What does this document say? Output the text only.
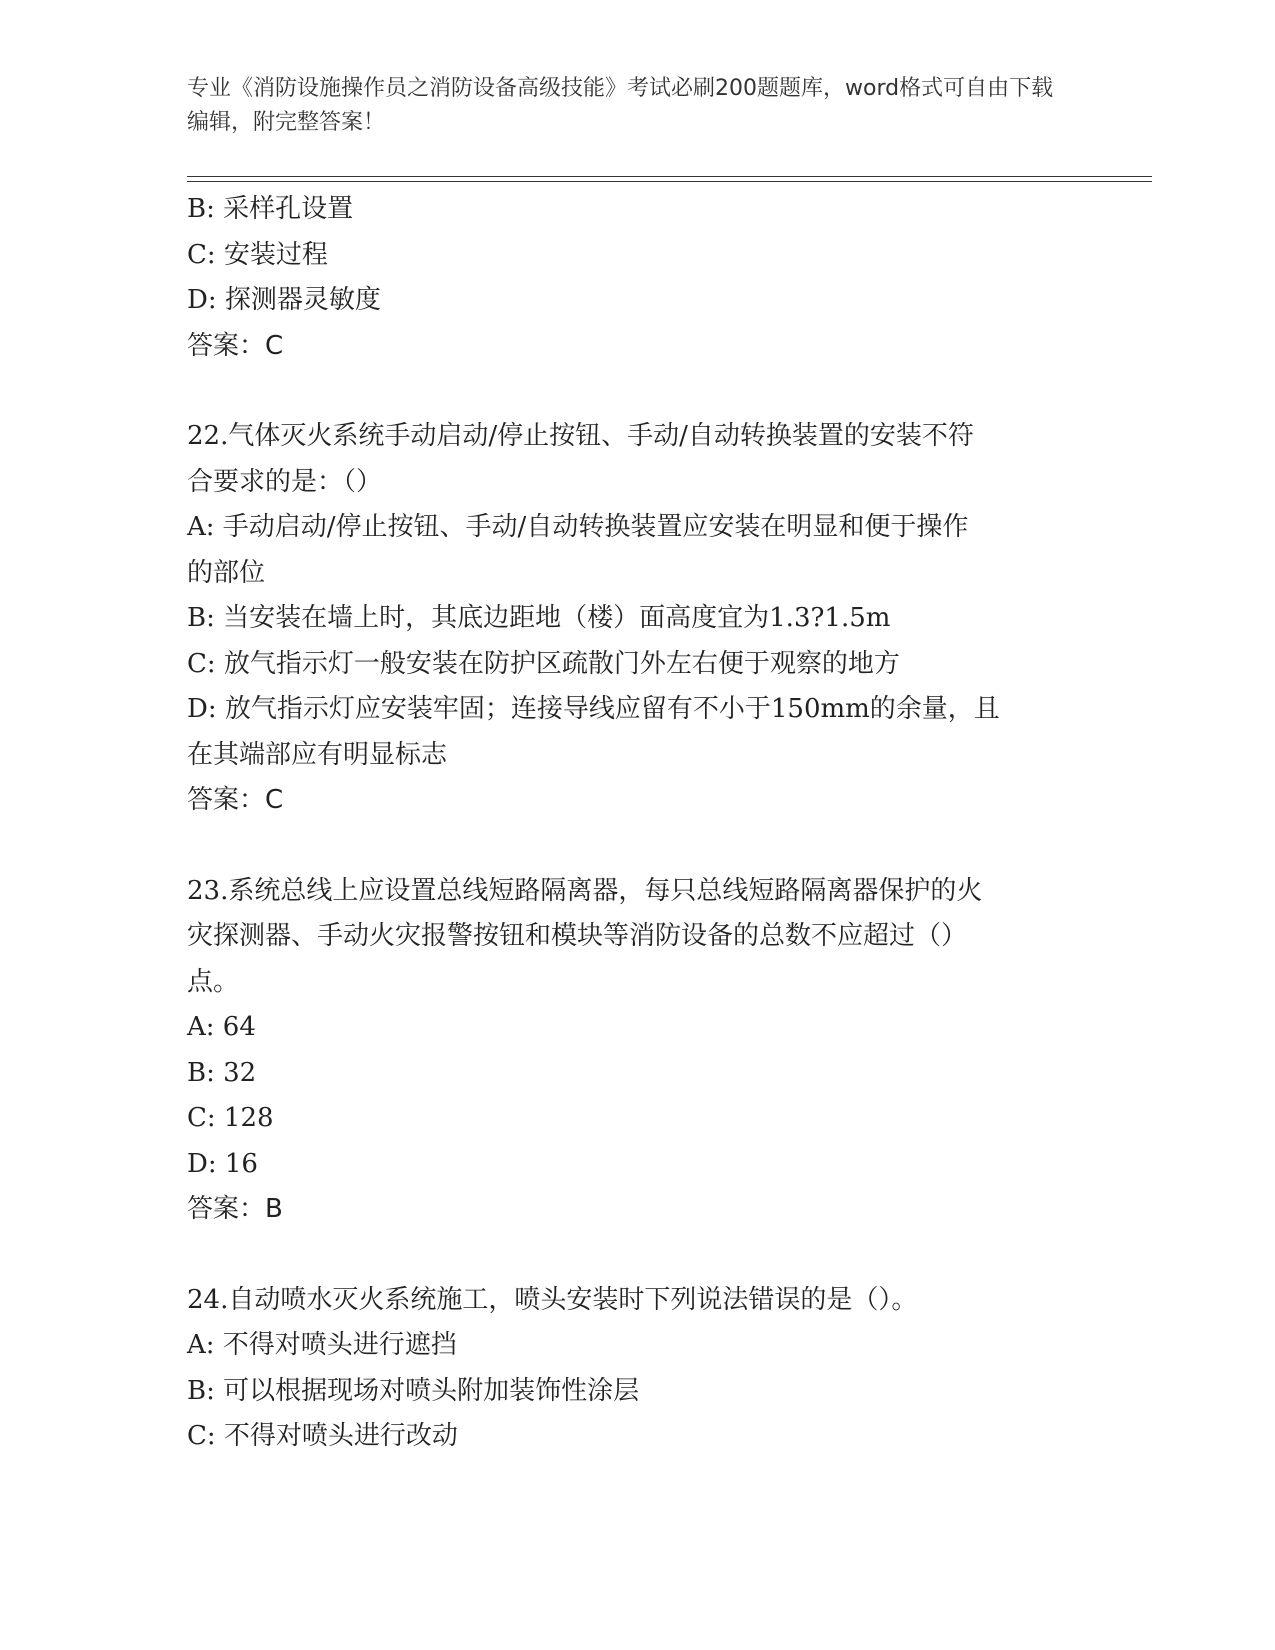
专业《消防设施操作员之消防设备高级技能》考试必刷200题题库，word格式可自由下载编辑，附完整答案！
B: 采样孔设置
C: 安装过程
D: 探测器灵敏度
答案：C
22.气体灭火系统手动启动/停止按钮、手动/自动转换装置的安装不符
合要求的是：（）
A: 手动启动/停止按钮、手动/自动转换装置应安装在明显和便于操作
的部位
B: 当安装在墙上时，其底边距地（楼）面高度宜为1.3?1.5m
C: 放气指示灯一般安装在防护区疏散门外左右便于观察的地方
D: 放气指示灯应安装牢固；连接导线应留有不小于150mm的余量，且
在其端部应有明显标志
答案：C
23.系统总线上应设置总线短路隔离器，每只总线短路隔离器保护的火
灾探测器、手动火灾报警按钮和模块等消防设备的总数不应超过（）
点。
A: 64
B: 32
C: 128
D: 16
答案：B
24.自动喷水灭火系统施工，喷头安装时下列说法错误的是（）。
A: 不得对喷头进行遮挡
B: 可以根据现场对喷头附加装饰性涂层
C: 不得对喷头进行改动
